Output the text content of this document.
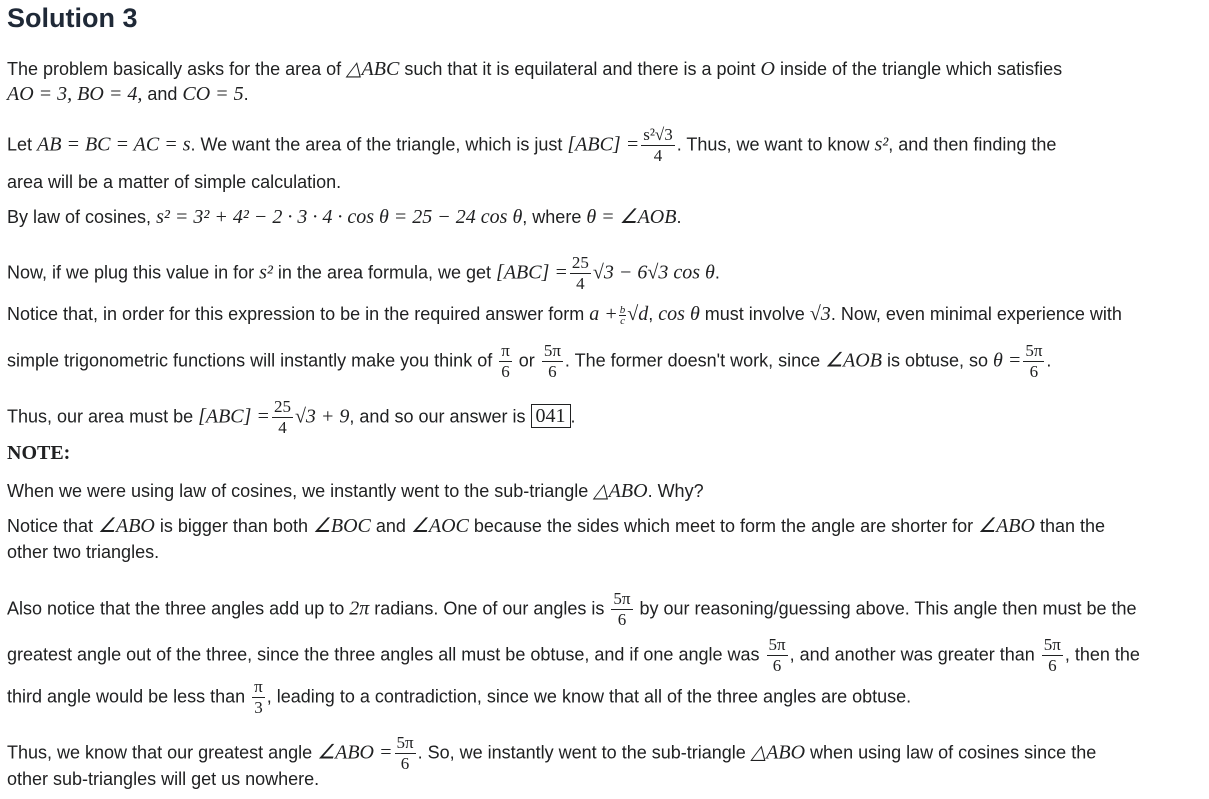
Solution 3
The problem basically asks for the area of △ABC such that it is equilateral and there is a point O inside of the triangle which satisfies
AO = 3, BO = 4, and CO = 5.
Let AB = BC = AC = s. We want the area of the triangle, which is just $[ABC] = \frac{\text{s²√3}}{4}$ . Thus, we want to know s², and then finding the
area will be a matter of simple calculation.
By law of cosines, s² = 3² + 4² − 2 · 3 · 4 · cos θ = 25 − 24 cos θ, where θ = ∠AOB.
Now, if we plug this value in for s² in the area formula, we get $[ABC] = \frac{25}{4} √3 - 6√3$ cos θ.
Notice that, in order for this expression to be in the required answer form $a + \frac{b}{c} √d$, cos θ must involve √3. Now, even minimal experience with
simple trigonometric functions will instantly make you think of $\frac{\pi}{6}$ or $\frac{5\pi}{6}$ . The former doesn't work, since ∠AOB is obtuse, so $\theta = \frac{5\pi}{6}$ .
Thus, our area must be $[ABC] = \frac{25}{4} √3 + 9$, and so our answer is 041 .
NOTE:
When we were using law of cosines, we instantly went to the sub-triangle △ABO. Why?
Notice that ∠ABO is bigger than both ∠BOC and ∠AOC because the sides which meet to form the angle are shorter for ∠ABO than the
other two triangles.
Also notice that the three angles add up to 2π radians. One of our angles is $\frac{5\pi}{6}$ by our reasoning/guessing above. This angle then must be the
greatest angle out of the three, since the three angles all must be obtuse, and if one angle was $\frac{5\pi}{6}$ , and another was greater than $\frac{5\pi}{6}$ , then the
third angle would be less than $\frac{\pi}{3}$ , leading to a contradiction, since we know that all of the three angles are obtuse.
Thus, we know that our greatest angle ∠ABO = $\frac{5\pi}{6}$ . So, we instantly went to the sub-triangle △ABO when using law of cosines since the
other sub-triangles will get us nowhere.
